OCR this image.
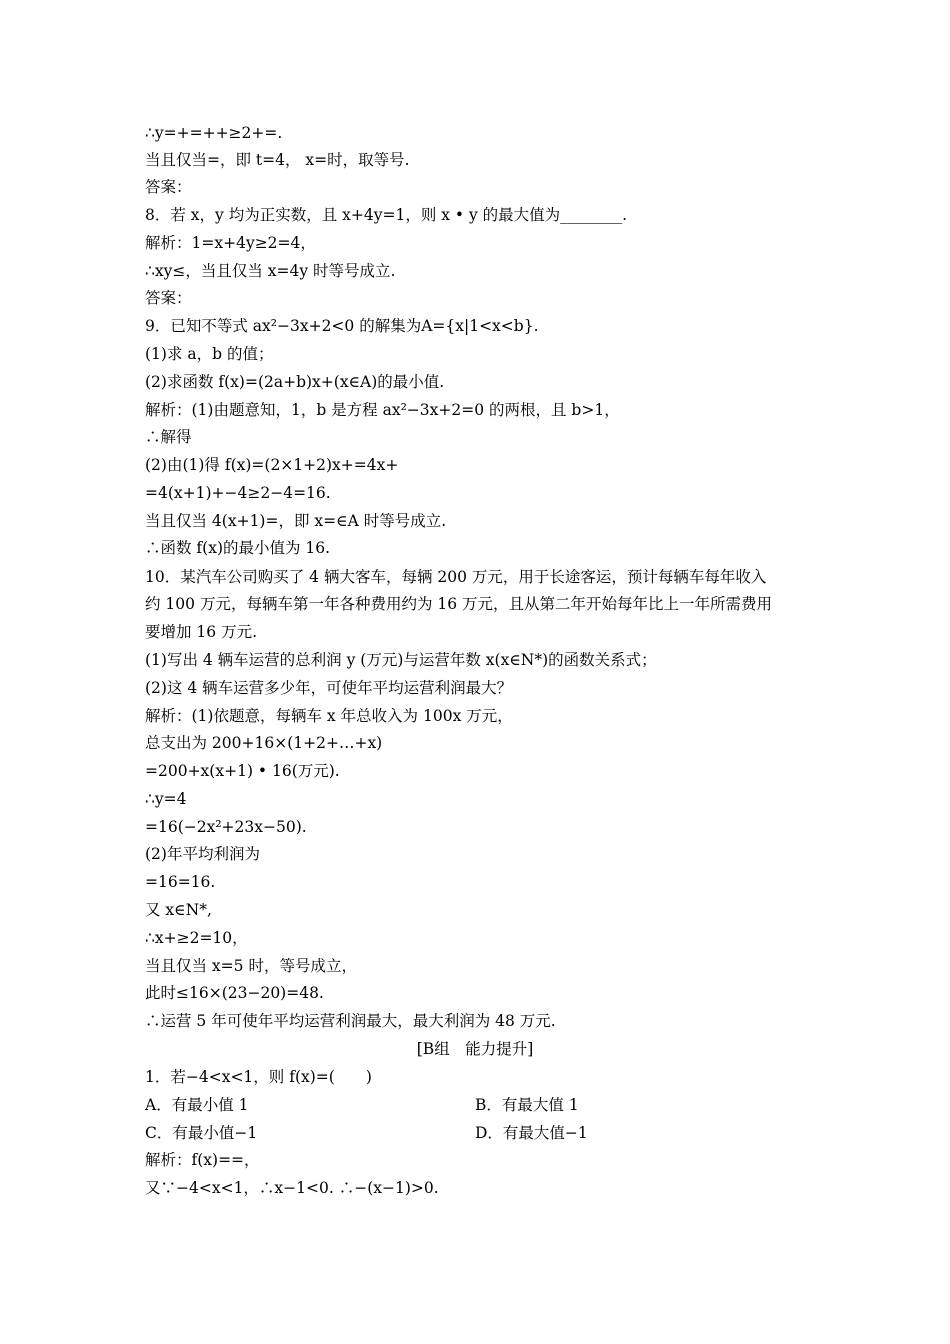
∴y=+=++≥2+=.
当且仅当=，即 t=4， x=时，取等号.
答案：
8．若 x，y 均为正实数，且 x+4y=1，则 x • y 的最大值为________.
解析：1=x+4y≥2=4，
∴xy≤，当且仅当 x=4y 时等号成立.
答案：
9．已知不等式 ax²−3x+2<0 的解集为A={x|1<x<b}.
(1)求 a，b 的值；
(2)求函数 f(x)=(2a+b)x+(x∈A)的最小值.
解析：(1)由题意知，1，b 是方程 ax²−3x+2=0 的两根，且 b>1，
∴解得
(2)由(1)得 f(x)=(2×1+2)x+=4x+
=4(x+1)+−4≥2−4=16.
当且仅当 4(x+1)=，即 x=∈A 时等号成立.
∴函数 f(x)的最小值为 16.
10．某汽车公司购买了 4 辆大客车，每辆 200 万元，用于长途客运，预计每辆车每年收入
约 100 万元，每辆车第一年各种费用约为 16 万元，且从第二年开始每年比上一年所需费用
要增加 16 万元.
(1)写出 4 辆车运营的总利润 y (万元)与运营年数 x(x∈N*)的函数关系式；
(2)这 4 辆车运营多少年，可使年平均运营利润最大？
解析：(1)依题意，每辆车 x 年总收入为 100x 万元，
总支出为 200+16×(1+2+…+x)
=200+x(x+1) • 16(万元).
∴y=4
=16(−2x²+23x−50).
(2)年平均利润为
=16=16.
又 x∈N*,
∴x+≥2=10，
当且仅当 x=5 时，等号成立，
此时≤16×(23−20)=48.
∴运营 5 年可使年平均运营利润最大，最大利润为 48 万元.
[B组　能力提升]
1．若−4<x<1，则 f(x)=(　　)
A．有最小值 1	B．有最大值 1
C．有最小值−1	D．有最大值−1
解析：f(x)==，
又∵−4<x<1，∴x−1<0. ∴−(x−1)>0.
